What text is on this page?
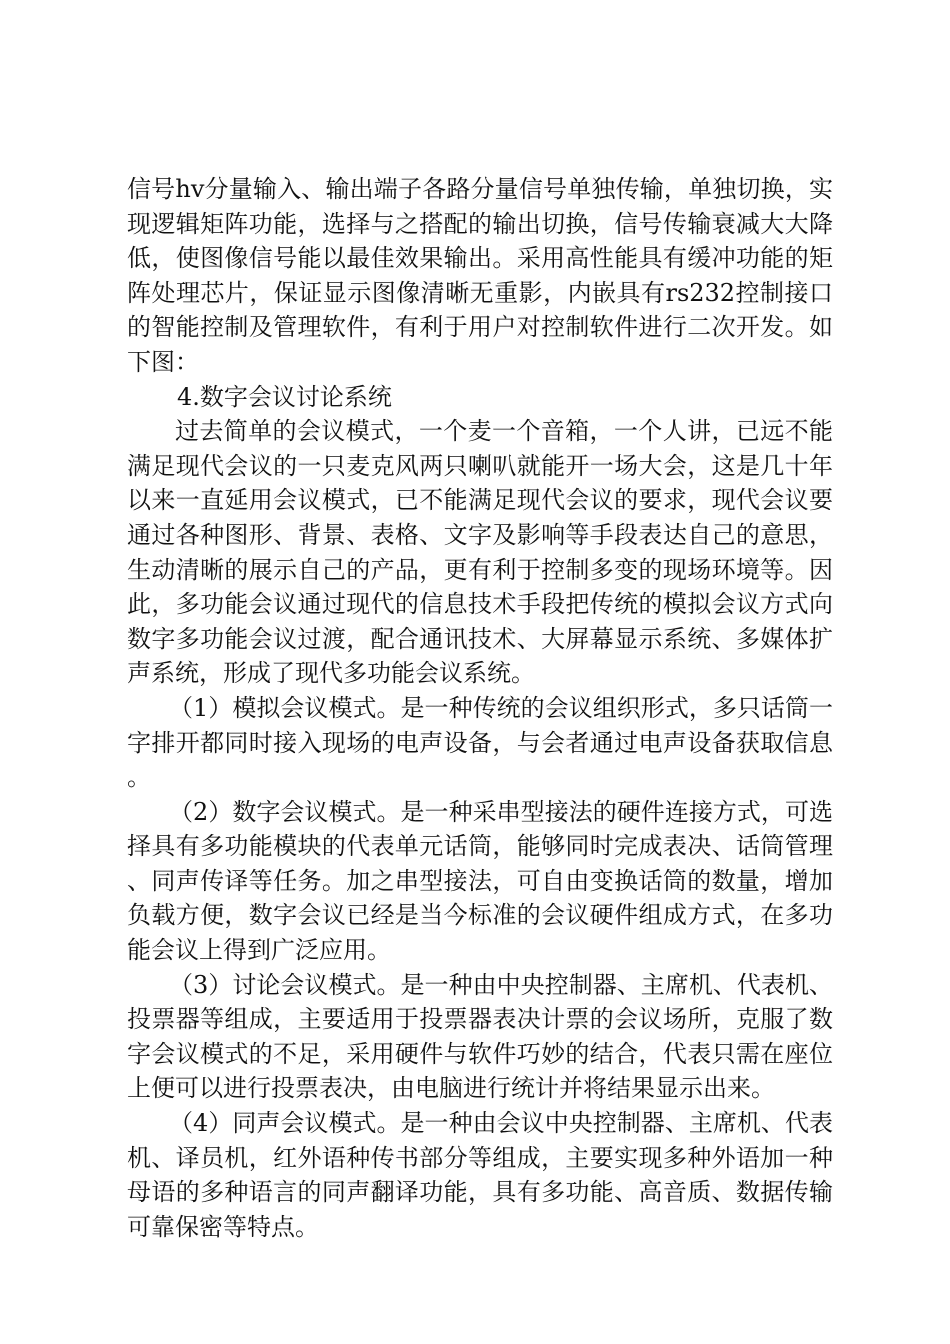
信号hv分量输入、输出端子各路分量信号单独传输，单独切换，实现逻辑矩阵功能，选择与之搭配的输出切换，信号传输衰减大大降低，使图像信号能以最佳效果输出。采用高性能具有缓冲功能的矩阵处理芯片，保证显示图像清晰无重影，内嵌具有rs232控制接口的智能控制及管理软件，有利于用户对控制软件进行二次开发。如下图：

4.数字会议讨论系统

过去简单的会议模式，一个麦一个音箱，一个人讲，已远不能满足现代会议的一只麦克风两只喇叭就能开一场大会，这是几十年以来一直延用会议模式，已不能满足现代会议的要求，现代会议要通过各种图形、背景、表格、文字及影响等手段表达自己的意思，生动清晰的展示自己的产品，更有利于控制多变的现场环境等。因此，多功能会议通过现代的信息技术手段把传统的模拟会议方式向数字多功能会议过渡，配合通讯技术、大屏幕显示系统、多媒体扩声系统，形成了现代多功能会议系统。

（1）模拟会议模式。是一种传统的会议组织形式，多只话筒一字排开都同时接入现场的电声设备，与会者通过电声设备获取信息。

（2）数字会议模式。是一种采串型接法的硬件连接方式，可选择具有多功能模块的代表单元话筒，能够同时完成表决、话筒管理、同声传译等任务。加之串型接法，可自由变换话筒的数量，增加负载方便，数字会议已经是当今标准的会议硬件组成方式，在多功能会议上得到广泛应用。

（3）讨论会议模式。是一种由中央控制器、主席机、代表机、投票器等组成，主要适用于投票器表决计票的会议场所，克服了数字会议模式的不足，采用硬件与软件巧妙的结合，代表只需在座位上便可以进行投票表决，由电脑进行统计并将结果显示出来。

（4）同声会议模式。是一种由会议中央控制器、主席机、代表机、译员机，红外语种传书部分等组成，主要实现多种外语加一种母语的多种语言的同声翻译功能，具有多功能、高音质、数据传输可靠保密等特点。
